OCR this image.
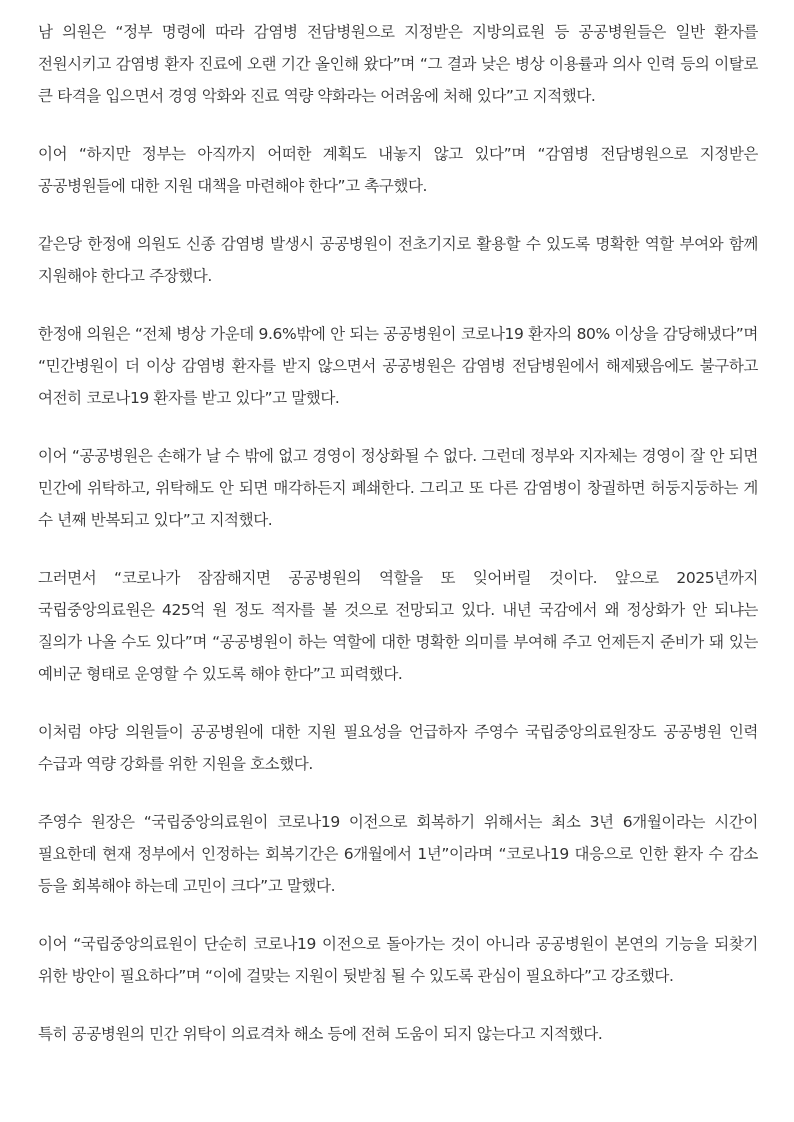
남 의원은 “정부 명령에 따라 감염병 전담병원으로 지정받은 지방의료원 등 공공병원들은 일반 환자를 전원시키고 감염병 환자 진료에 오랜 기간 올인해 왔다”며 “그 결과 낮은 병상 이용률과 의사 인력 등의 이탈로 큰 타격을 입으면서 경영 악화와 진료 역량 약화라는 어려움에 처해 있다”고 지적했다.

이어 “하지만 정부는 아직까지 어떠한 계획도 내놓지 않고 있다”며 “감염병 전담병원으로 지정받은 공공병원들에 대한 지원 대책을 마련해야 한다”고 촉구했다.

같은당 한정애 의원도 신종 감염병 발생시 공공병원이 전초기지로 활용할 수 있도록 명확한 역할 부여와 함께 지원해야 한다고 주장했다.

한정애 의원은 “전체 병상 가운데 9.6%밖에 안 되는 공공병원이 코로나19 환자의 80% 이상을 감당해냈다”며 “민간병원이 더 이상 감염병 환자를 받지 않으면서 공공병원은 감염병 전담병원에서 해제됐음에도 불구하고 여전히 코로나19 환자를 받고 있다”고 말했다.

이어 “공공병원은 손해가 날 수 밖에 없고 경영이 정상화될 수 없다. 그런데 정부와 지자체는 경영이 잘 안 되면 민간에 위탁하고, 위탁해도 안 되면 매각하든지 폐쇄한다. 그리고 또 다른 감염병이 창궐하면 허둥지둥하는 게 수 년째 반복되고 있다”고 지적했다.

그러면서 “코로나가 잠잠해지면 공공병원의 역할을 또 잊어버릴 것이다. 앞으로 2025년까지 국립중앙의료원은 425억 원 정도 적자를 볼 것으로 전망되고 있다. 내년 국감에서 왜 정상화가 안 되냐는 질의가 나올 수도 있다”며 “공공병원이 하는 역할에 대한 명확한 의미를 부여해 주고 언제든지 준비가 돼 있는 예비군 형태로 운영할 수 있도록 해야 한다”고 피력했다.

이처럼 야당 의원들이 공공병원에 대한 지원 필요성을 언급하자 주영수 국립중앙의료원장도 공공병원 인력 수급과 역량 강화를 위한 지원을 호소했다.

주영수 원장은 “국립중앙의료원이 코로나19 이전으로 회복하기 위해서는 최소 3년 6개월이라는 시간이 필요한데 현재 정부에서 인정하는 회복기간은 6개월에서 1년”이라며 “코로나19 대응으로 인한 환자 수 감소 등을 회복해야 하는데 고민이 크다”고 말했다.

이어 “국립중앙의료원이 단순히 코로나19 이전으로 돌아가는 것이 아니라 공공병원이 본연의 기능을 되찾기 위한 방안이 필요하다”며 “이에 걸맞는 지원이 뒷받침 될 수 있도록 관심이 필요하다”고 강조했다.

특히 공공병원의 민간 위탁이 의료격차 해소 등에 전혀 도움이 되지 않는다고 지적했다.
